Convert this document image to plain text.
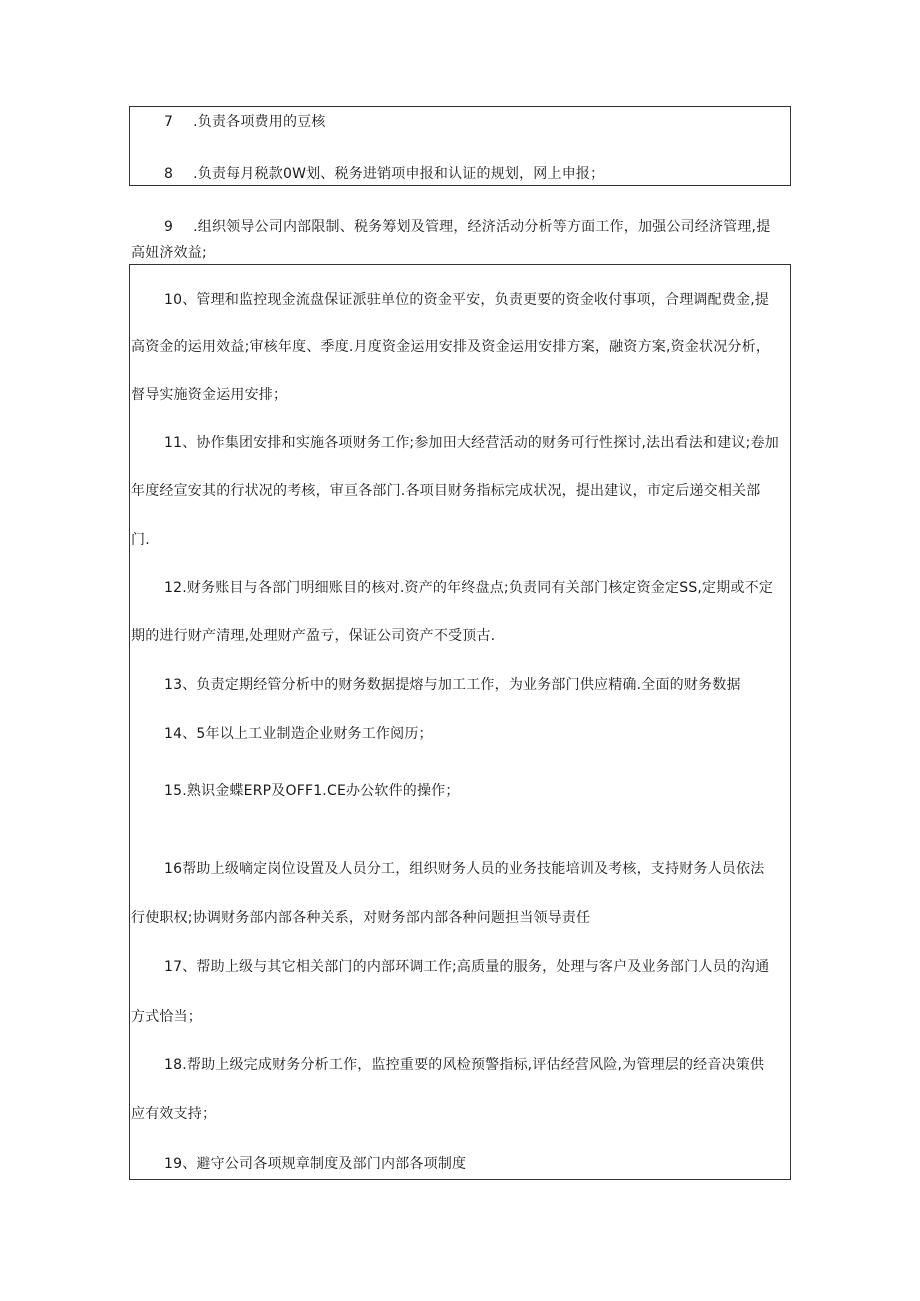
7 .负责各项费用的豆核
8 .负责每月税款0W划、税务进销项申报和认证的规划，网上申报；
9 .组织领导公司内部限制、税务筹划及管理，经济活动分析等方面工作，加强公司经济管理,提
高妞济效益;
10、管理和监控现金流盘保证派驻单位的资金平安，负责更要的资金收付事项，合理调配费金,提
高资金的运用效益;审核年度、季度.月度资金运用安排及资金运用安排方案，融资方案,资金状况分析，
督导实施资金运用安排；
11、协作集团安排和实施各项财务工作;参加田大经营活动的财务可行性探讨,法出看法和建议;卷加
年度经宣安其的行状况的考核，审亘各部门.各项目财务指标完成状况，提出建议，市定后递交相关部
门.
12.财务账目与各部门明细账目的核对.资产的年终盘点;负责同有关部门核定资金定SS,定期或不定
期的进行财产清理,处理财产盈亏，保证公司资产不受顶古.
13、负责定期经管分析中的财务数据提熔与加工工作，为业务部门供应精确.全面的财务数据
14、5年以上工业制造企业财务工作阅历；
15.熟识金蝶ERP及OFF1.CE办公软件的操作；
16帮助上级嘀定岗位设置及人员分工，组织财务人员的业务技能培训及考核，支持财务人员依法
行使职权;协调财务部内部各种关系，对财务部内部各种问题担当领导责任
17、帮助上级与其它相关部门的内部环调工作;高质量的服务，处理与客户及业务部门人员的沟通
方式恰当；
18.帮助上级完成财务分析工作，监控重要的风检预警指标,评估经营风险,为管理层的经音决策供
应有效支持；
19、避守公司各项规章制度及部门内部各项制度
